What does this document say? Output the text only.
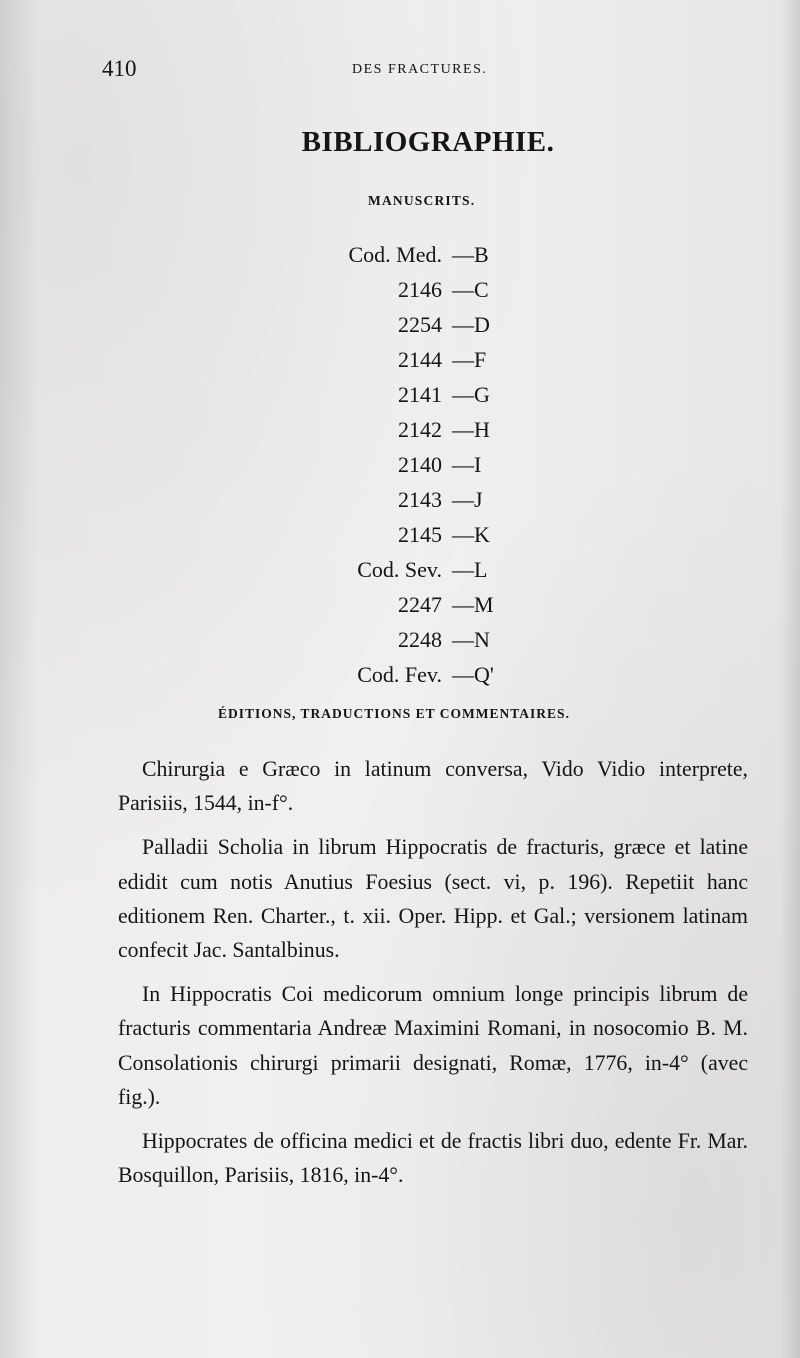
410	DES FRACTURES.
BIBLIOGRAPHIE.
MANUSCRITS.
Cod. Med. —B
2146 —C
2254 —D
2144 —F
2141 —G
2142 —H
2140 —I
2143 —J
2145 —K
Cod. Sev. —L
2247 —M
2248 —N
Cod. Fev. —Q'
ÉDITIONS, TRADUCTIONS ET COMMENTAIRES.
Chirurgia e Græco in latinum conversa, Vido Vidio interprete, Parisiis, 1544, in-f°.
Palladii Scholia in librum Hippocratis de fracturis, græce et latine edidit cum notis Anutius Foesius (sect. vi, p. 196). Repetiit hanc editionem Ren. Charter., t. xii. Oper. Hipp. et Gal.; versionem latinam confecit Jac. Santalbinus.
In Hippocratis Coi medicorum omnium longe principis librum de fracturis commentaria Andreæ Maximini Romani, in nosocomio B. M. Consolationis chirurgi primarii designati, Romæ, 1776, in-4° (avec fig.).
Hippocrates de officina medici et de fractis libri duo, edente Fr. Mar. Bosquillon, Parisiis, 1816, in-4°.
